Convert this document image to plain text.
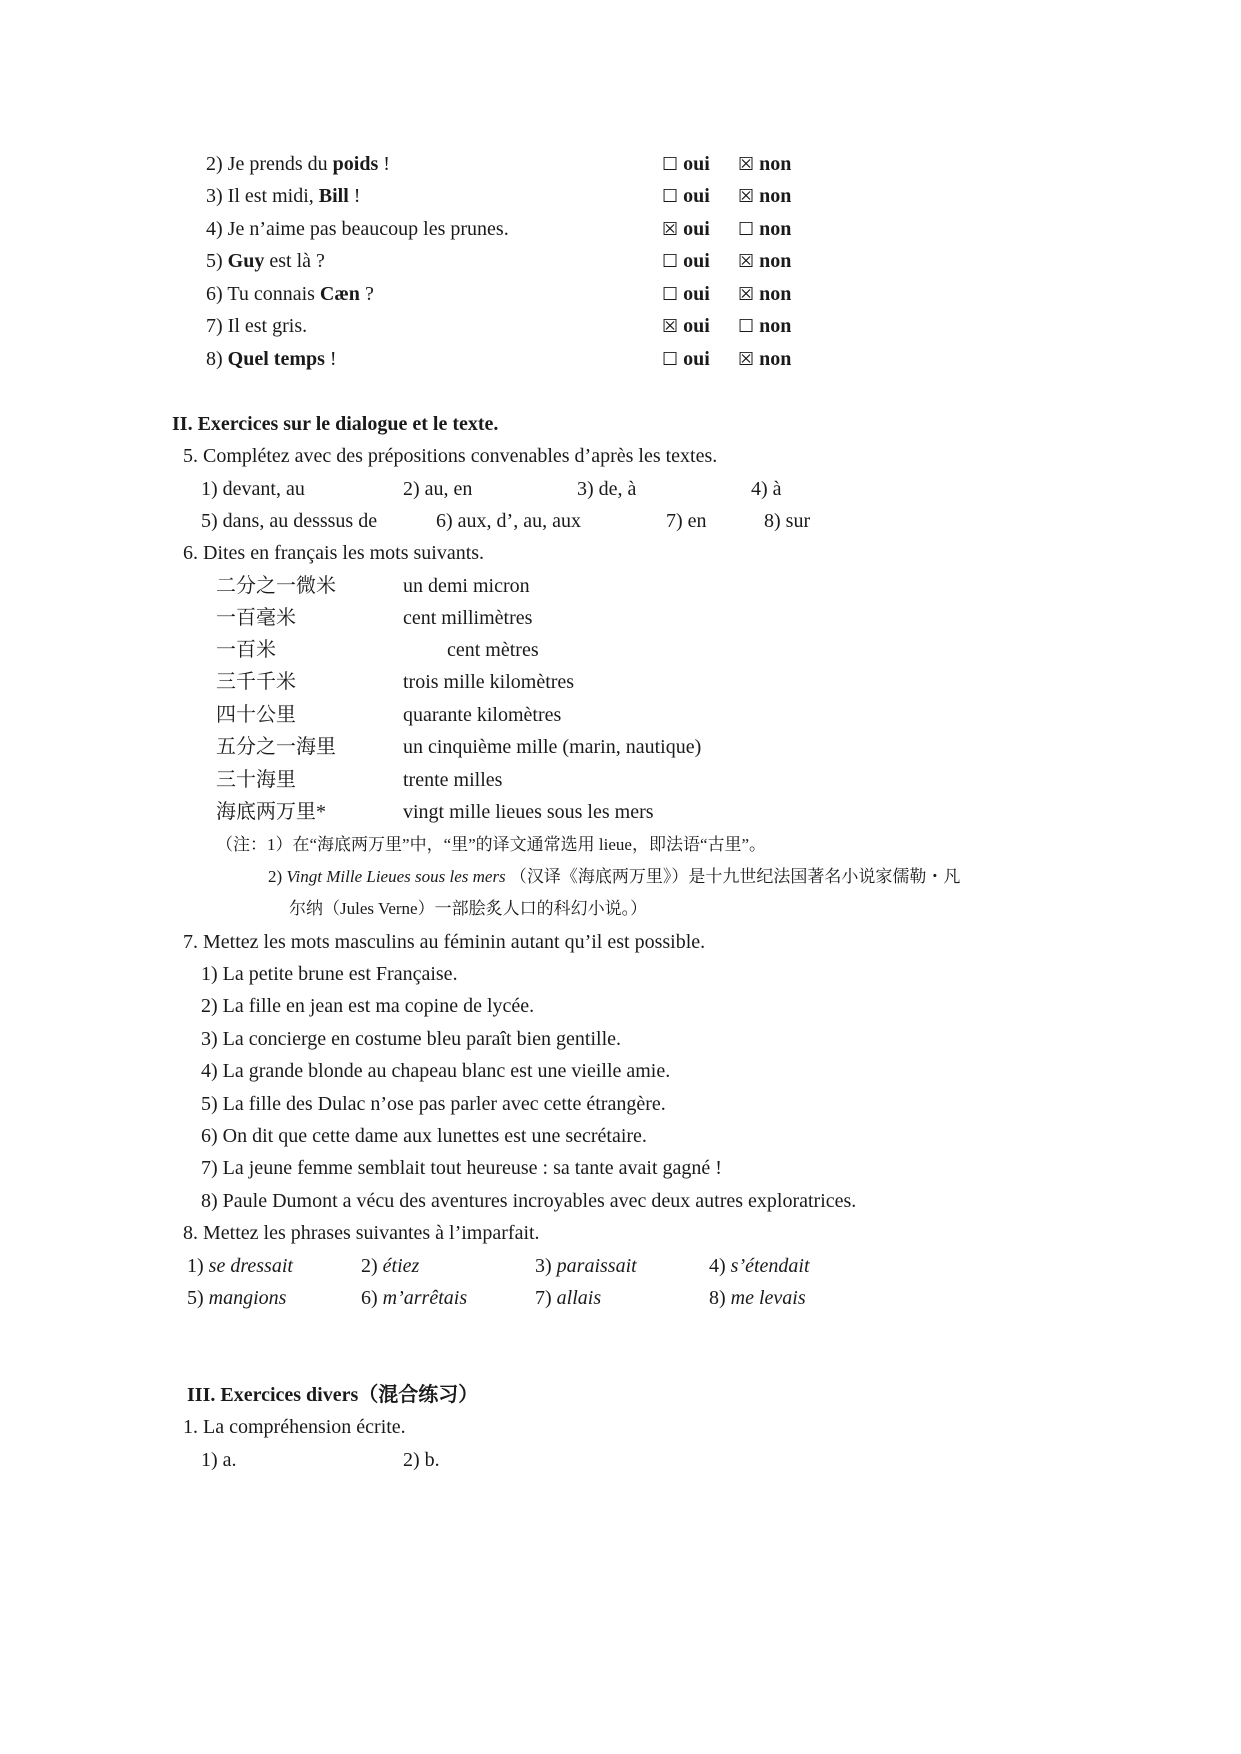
2) Je prends du poids !	☐ oui ☒ non
3) Il est midi, Bill !	☐ oui ☒ non
4) Je n’aime pas beaucoup les prunes.	☒ oui ☐ non
5) Guy est là ?	☐ oui ☒ non
6) Tu connais Cæn ?	☐ oui ☒ non
7) Il est gris.	☒ oui ☐ non
8) Quel temps !	☐ oui ☒ non
II. Exercices sur le dialogue et le texte.
5. Complétez avec des prépositions convenables d’après les textes.
1) devant, au	2) au, en	3) de, à	4) à
5) dans, au desssus de	6) aux, d’, au, aux	7) en	8) sur
6. Dites en français les mots suivants.
二分之一微米	un demi micron
一百毫米	cent millimètres
一百米	cent mètres
三千千米	trois mille kilomètres
四十公里	quarante kilomètres
五分之一海里	un cinquième mille (marin, nautique)
三十海里	trente milles
海底两万里*	vingt mille lieues sous les mers
（注：1）在“海底两万里”中，“里”的译文通常选用 lieue，即法语“古里”。
2) Vingt Mille Lieues sous les mers （汉译《海底两万里》）是十九世纪法国著名小说家儒勒・凡
尔纳（Jules Verne）一部脍炙人口的科幻小说。）
7. Mettez les mots masculins au féminin autant qu’il est possible.
1) La petite brune est Française.
2) La fille en jean est ma copine de lycée.
3) La concierge en costume bleu paraît bien gentille.
4) La grande blonde au chapeau blanc est une vieille amie.
5) La fille des Dulac n’ose pas parler avec cette étrangère.
6) On dit que cette dame aux lunettes est une secrétaire.
7) La jeune femme semblait tout heureuse : sa tante avait gagné !
8) Paule Dumont a vécu des aventures incroyables avec deux autres exploratrices.
8. Mettez les phrases suivantes à l’imparfait.
1) se dressait	2) étiez	3) paraissait	4) s’étendait
5) mangions	6) m’arrêtais	7) allais	8) me levais
III. Exercices divers（混合练习）
1. La compréhension écrite.
1) a.	2) b.
